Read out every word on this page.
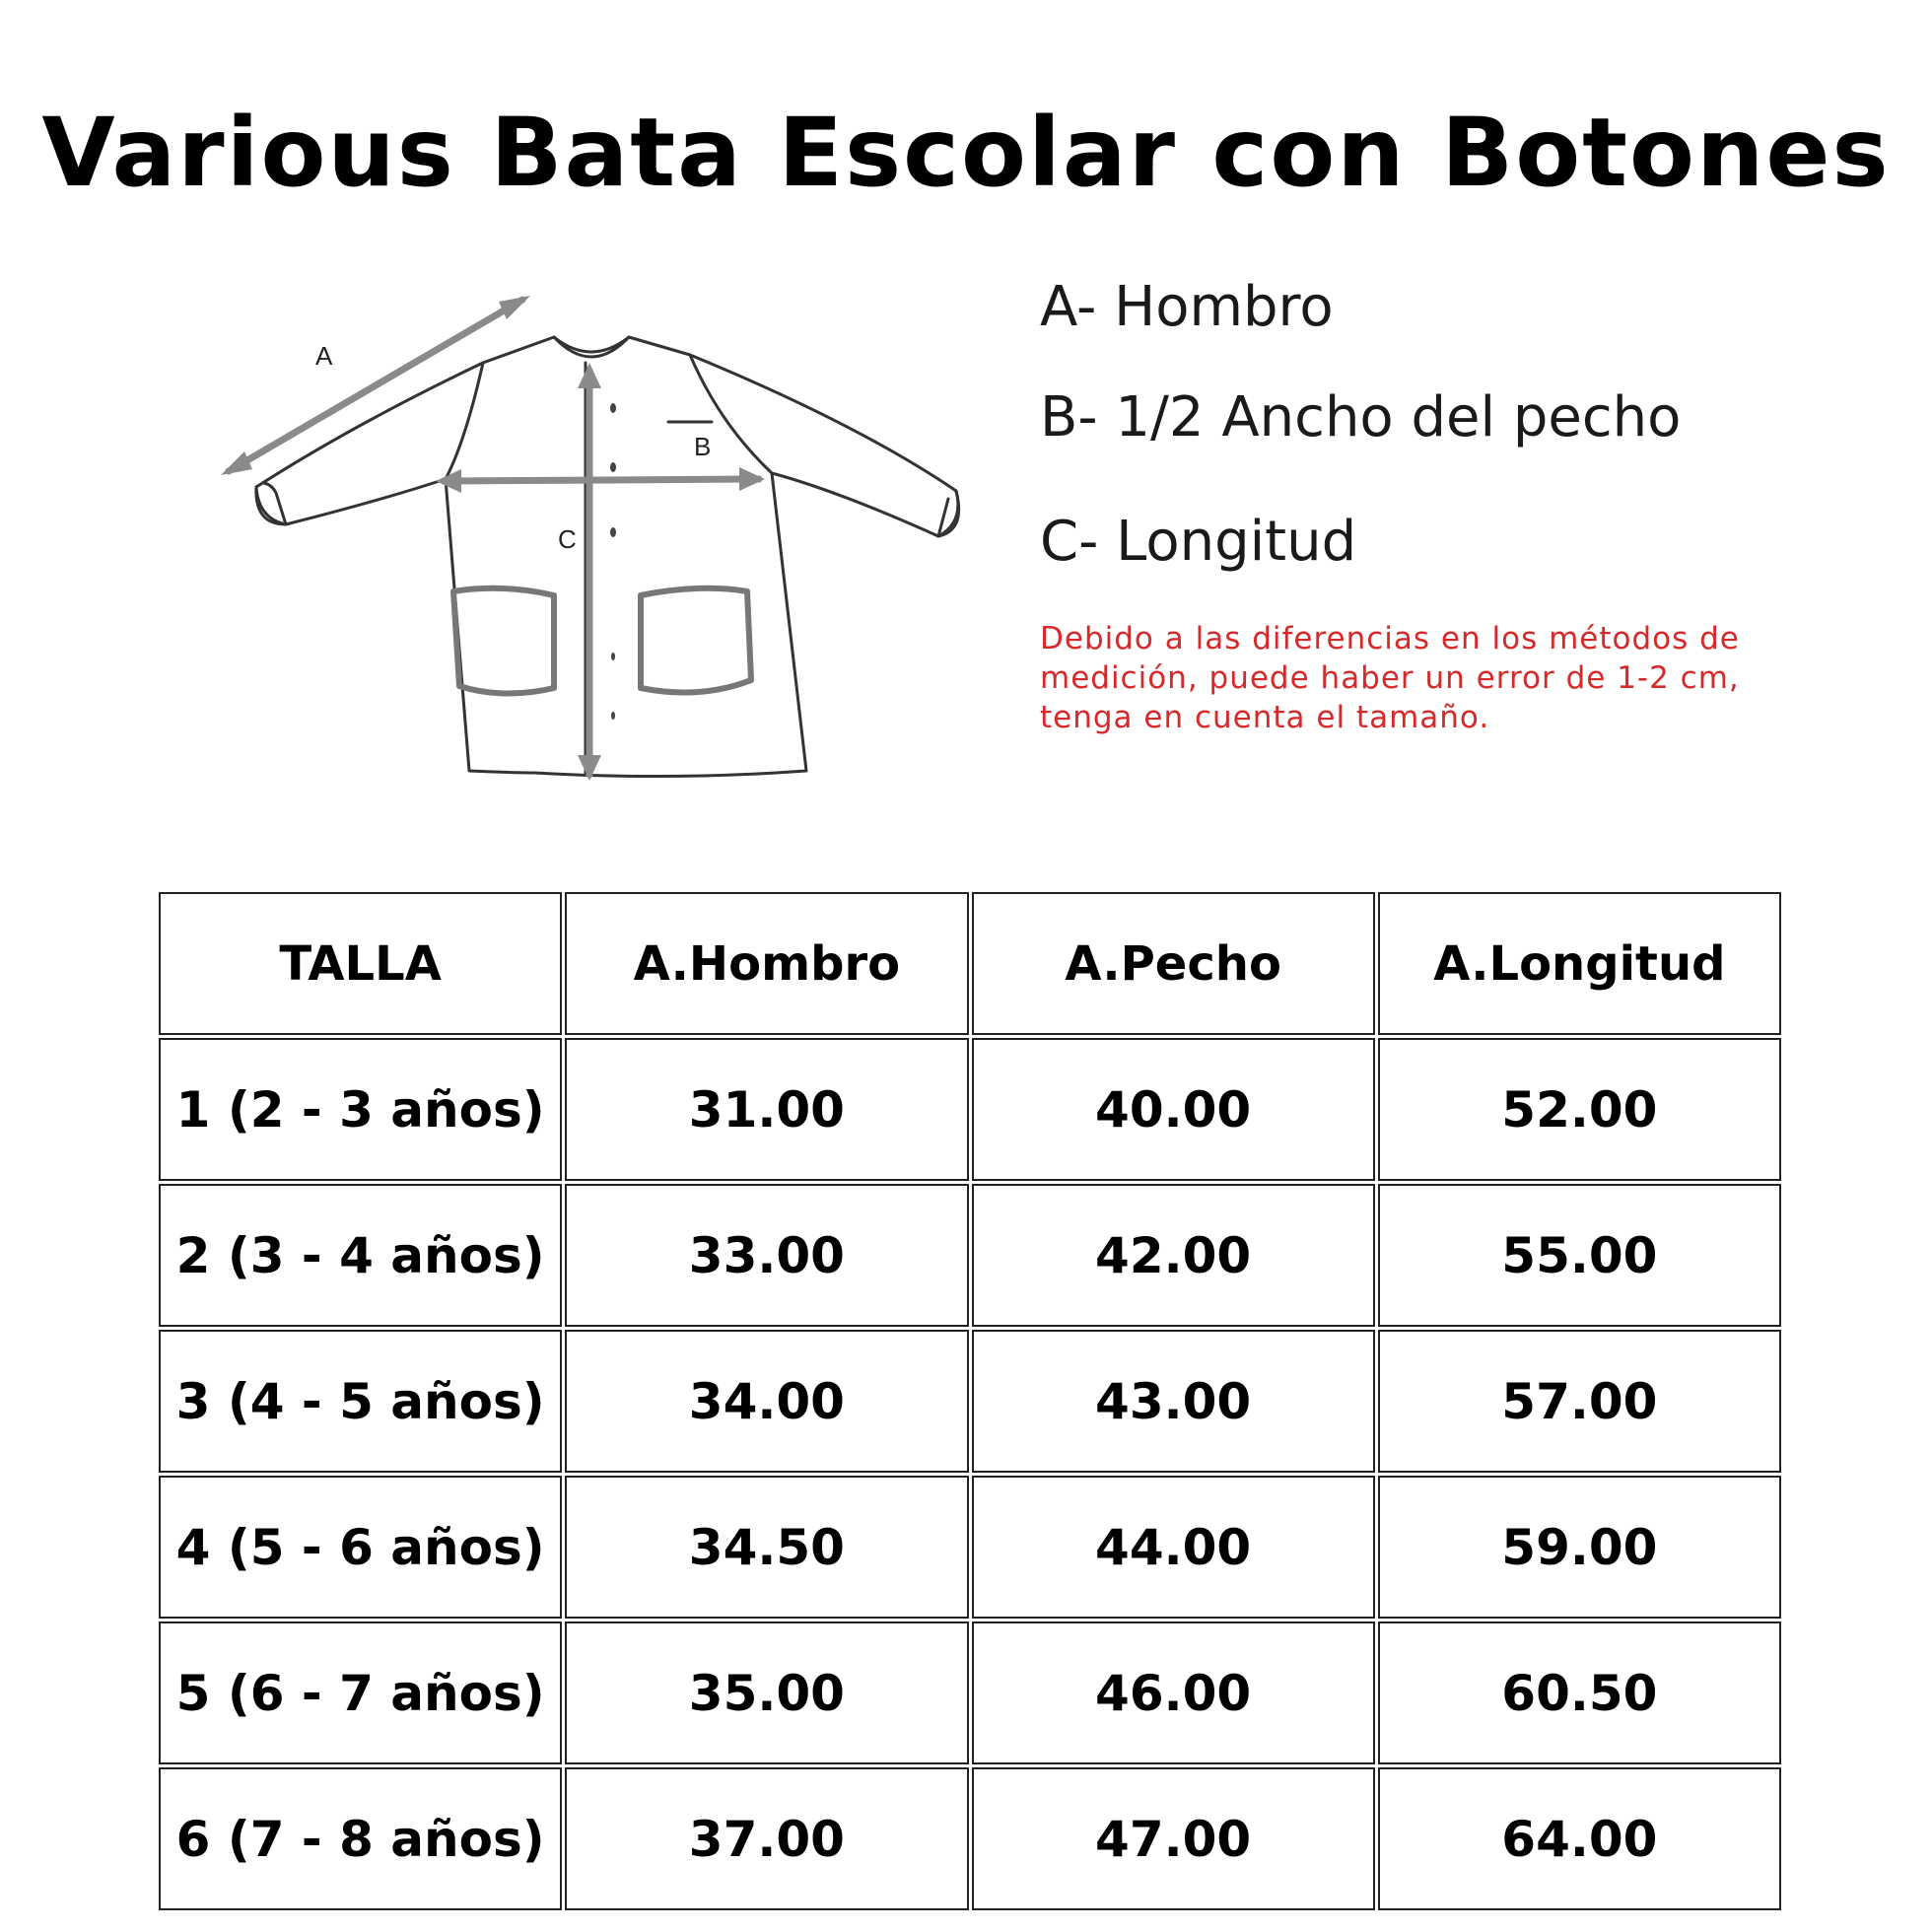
Various Bata Escolar con Botones
A
B
C
A- Hombro
B- 1/2 Ancho del pecho
C- Longitud
Debido a las diferencias en los métodos de medición, puede haber un error de 1-2 cm, tenga en cuenta el tamaño.
TALLA	A.Hombro	A.Pecho	A.Longitud
1 (2 - 3 años)	31.00	40.00	52.00
2 (3 - 4 años)	33.00	42.00	55.00
3 (4 - 5 años)	34.00	43.00	57.00
4 (5 - 6 años)	34.50	44.00	59.00
5 (6 - 7 años)	35.00	46.00	60.50
6 (7 - 8 años)	37.00	47.00	64.00
